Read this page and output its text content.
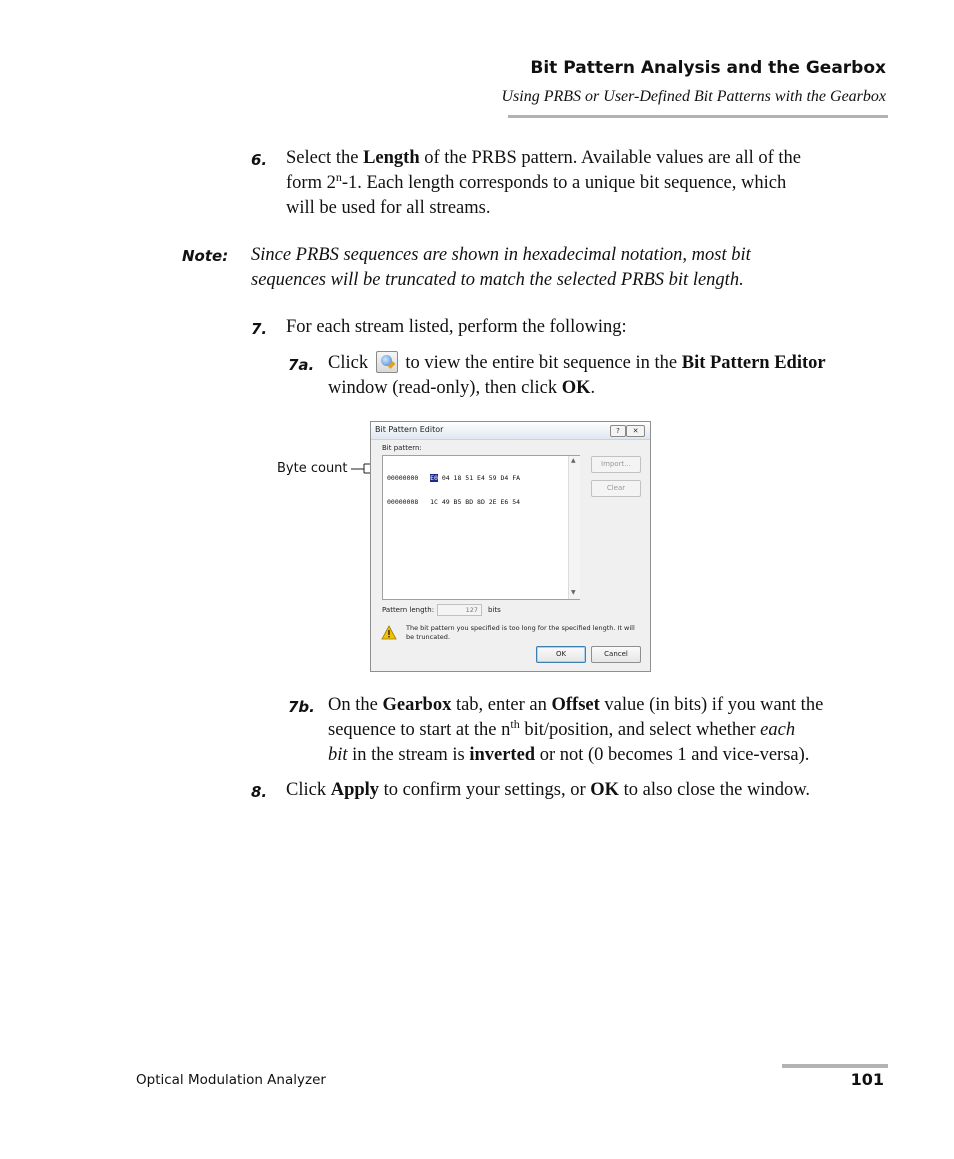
Bit Pattern Analysis and the Gearbox
Using PRBS or User-Defined Bit Patterns with the Gearbox
6. Select the Length of the PRBS pattern. Available values are all of the
form 2$^n$-1. Each length corresponds to a unique bit sequence, which
will be used for all streams.
Note: Since PRBS sequences are shown in hexadecimal notation, most bit
sequences will be truncated to match the selected PRBS bit length.
7. For each stream listed, perform the following:
7a. Click
to view the entire bit sequence in the Bit Pattern Editor
window (read-only), then click OK.
Byte count
Bit Pattern Editor	?	✕
Bit pattern:

00000000 E0 04 18 51 E4 59 D4 FA

00000008 1C 49 B5 BD 8D 2E E6 54

▲
▼
Import...
Clear
Pattern length:	127	bits
The bit pattern you specified is too long for the specified length. It will be truncated.
OK	Cancel
7b. On the Gearbox tab, enter an Offset value (in bits) if you want the
sequence to start at the $n^{th}$ bit/position, and select whether each
bit in the stream is inverted or not (0 becomes 1 and vice-versa).
8. Click Apply to confirm your settings, or OK to also close the window.
Optical Modulation Analyzer	101
